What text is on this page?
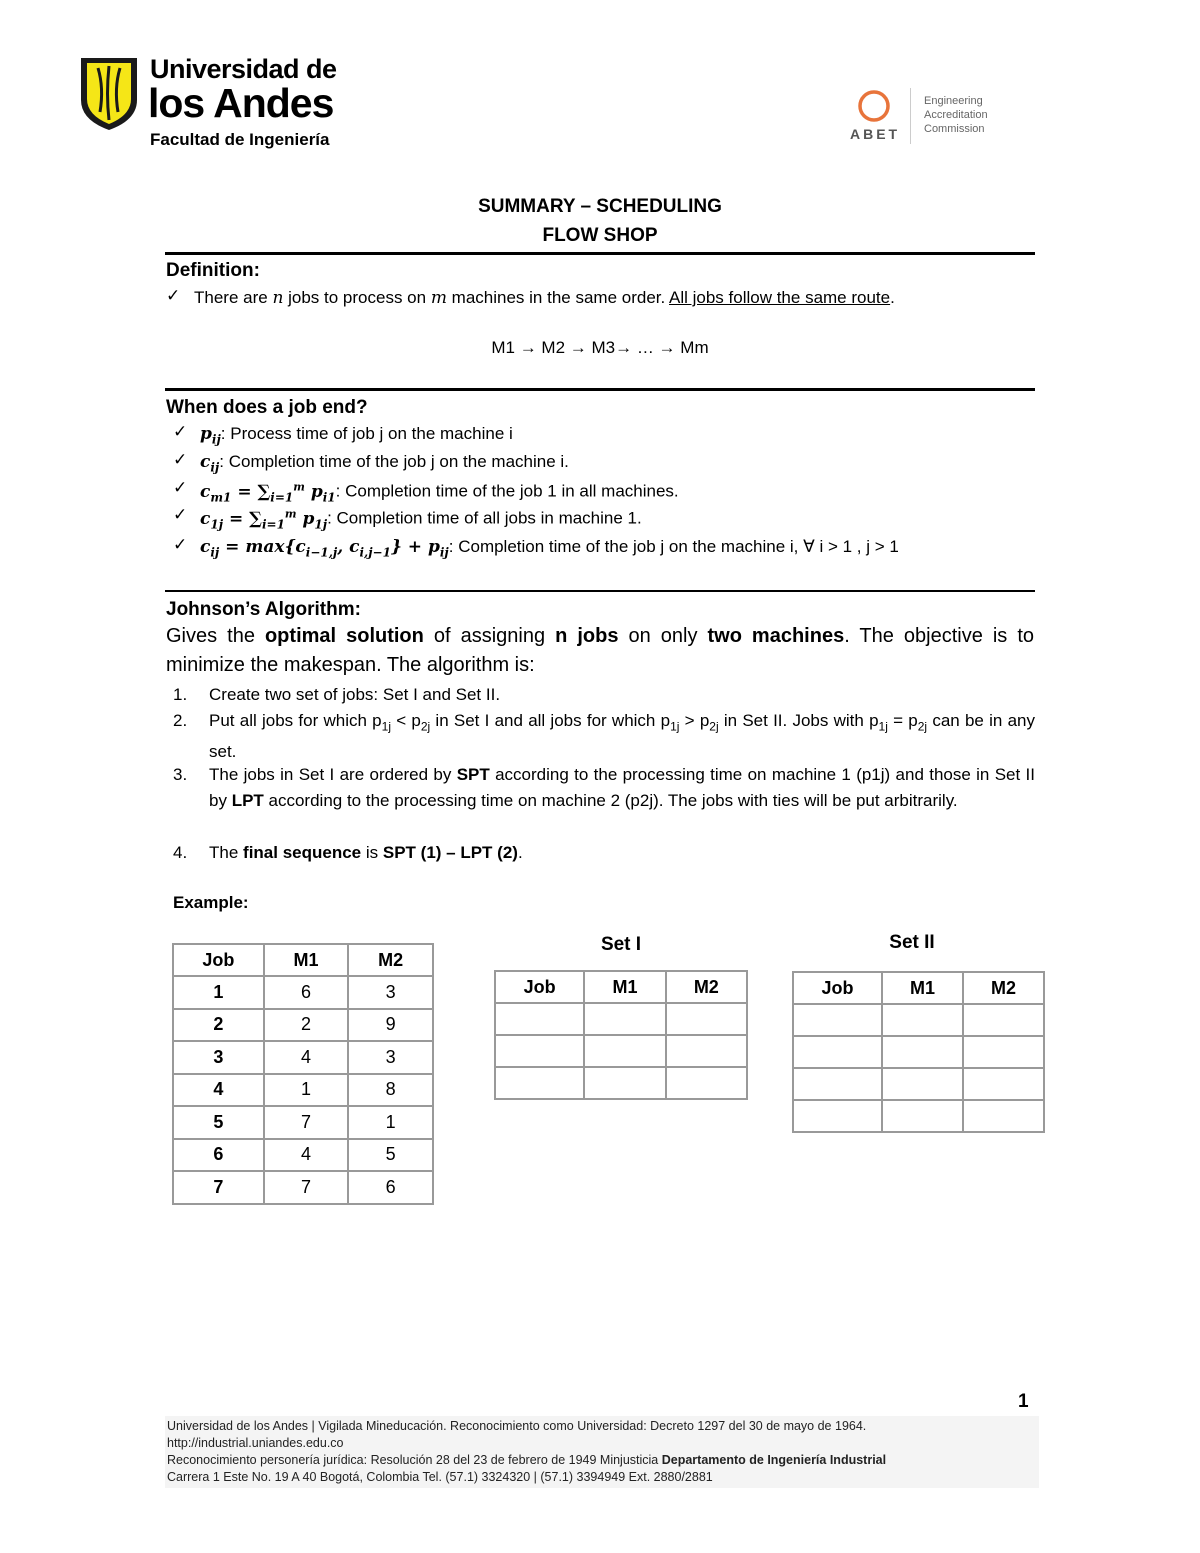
Universidad de
los Andes
Facultad de Ingeniería	ABET
Engineering
Accreditation
Commission
SUMMARY – SCHEDULING
FLOW SHOP
Definition:
✓ There are n jobs to process on m machines in the same order. All jobs follow the same route.
M1 → M2 → M3→ … → Mm
When does a job end?
✓ $p_{ij}$: Process time of job j on the machine i
✓ $c_{ij}$: Completion time of the job j on the machine i.
✓ $c_{m1} = \sum_{i=1}^m$ $p_{i1}$: Completion time of the job 1 in all machines.
✓ $c_{1j} = \sum_{i=1}^m$ $p_{1j}$: Completion time of all jobs in machine 1.
✓ $c_{ij} = \max\{c_{i-1,j}$, $c_{i,j-1}\} + p_{ij}$: Completion time of the job j on the machine i, ∀ i > 1 , j > 1
Johnson’s Algorithm:
Gives the optimal solution of assigning n jobs on only two machines. The objective is to minimize the makespan. The algorithm is:
1. Create two set of jobs: Set I and Set II.
2. Put all jobs for which $p_{1j} < p_{2j}$ in Set I and all jobs for which $p_{1j} > p_{2j}$ in Set II. Jobs with $p_{1j} = p_{2j}$ can be in any set.
3. The jobs in Set I are ordered by SPT according to the processing time on machine 1 (p1j) and those in Set II by LPT according to the processing time on machine 2 (p2j). The jobs with ties will be put arbitrarily.
4. The final sequence is SPT (1) – LPT (2).
Example:
Job	M1	M2
1	6	3
2	2	9
3	4	3
4	1	8
5	7	1
6	4	5
7	7	6
Set I
Job	M1	M2

Set II
Job	M1	M2

1
Universidad de los Andes | Vigilada Mineducación. Reconocimiento como Universidad: Decreto 1297 del 30 de mayo de 1964.
http://industrial.uniandes.edu.co
Reconocimiento personería jurídica: Resolución 28 del 23 de febrero de 1949 Minjusticia Departamento de Ingeniería Industrial
Carrera 1 Este No. 19 A 40 Bogotá, Colombia Tel. (57.1) 3324320 | (57.1) 3394949 Ext. 2880/2881
